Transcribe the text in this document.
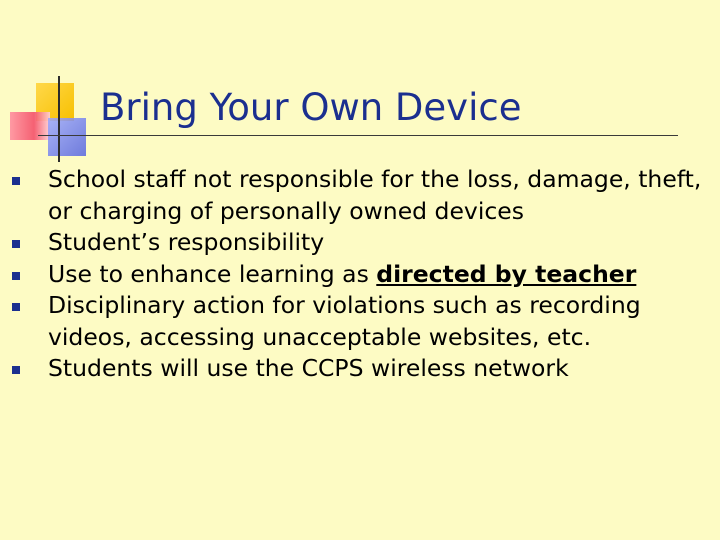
Bring Your Own Device
School staff not responsible for the loss, damage, theft, or charging of personally owned devices
Student’s responsibility
Use to enhance learning as directed by teacher
Disciplinary action for violations such as recording videos, accessing unacceptable websites, etc.
Students will use the CCPS wireless network
